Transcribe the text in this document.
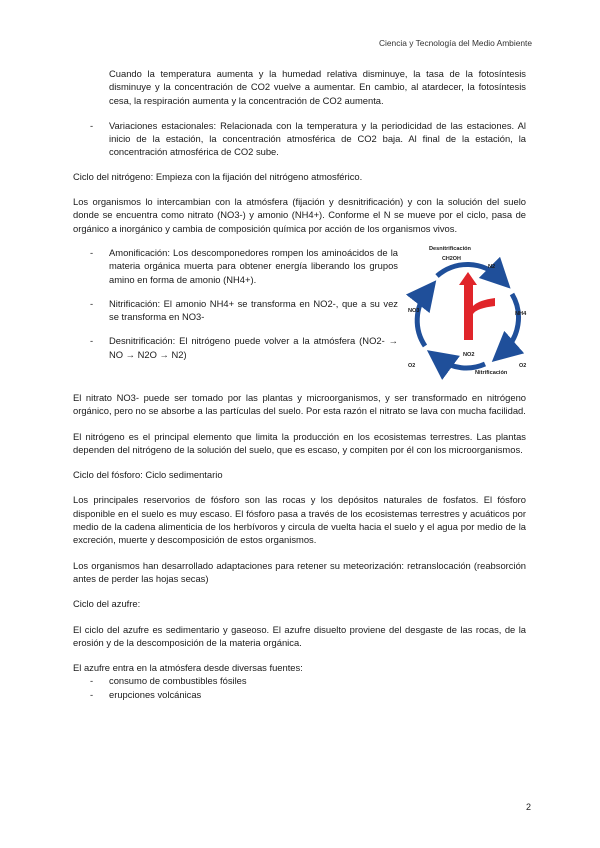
Ciencia y Tecnología del Medio Ambiente

Cuando la temperatura aumenta y la humedad relativa disminuye, la tasa de la fotosíntesis disminuye y la concentración de CO2 vuelve a aumentar. En cambio, al atardecer, la fotosíntesis cesa, la respiración aumenta y la concentración de CO2 aumenta.

- Variaciones estacionales: Relacionada con la temperatura y la periodicidad de las estaciones. Al inicio de la estación, la concentración atmosférica de CO2 baja. Al final de la estación, la concentración atmosférica de CO2 sube.

Ciclo del nitrógeno: Empieza con la fijación del nitrógeno atmosférico.

Los organismos lo intercambian con la atmósfera (fijación y desnitrificación) y con la solución del suelo donde se encuentra como nitrato (NO3-) y amonio (NH4+). Conforme el N se mueve por el ciclo, pasa de orgánico a inorgánico y cambia de composición química por acción de los organismos vivos.

- Amonificación: Los descomponedores rompen los aminoácidos de la materia orgánica muerta para obtener energía liberando los grupos amino en forma de amonio (NH4+).
- Nitrificación: El amonio NH4+ se transforma en NO2-, que a su vez se transforma en NO3-
- Desnitrificación: El nitrógeno puede volver a la atmósfera (NO2- → NO → N2O → N2)
Desnitrificación
CH2OH
N2
NO3	NH4
Amonificación
NO2
O2	O2
Nitrificación

El nitrato NO3- puede ser tomado por las plantas y microorganismos, y ser transformado en nitrógeno orgánico, pero no se absorbe a las partículas del suelo. Por esta razón el nitrato se lava con mucha facilidad.

El nitrógeno es el principal elemento que limita la producción en los ecosistemas terrestres. Las plantas dependen del nitrógeno de la solución del suelo, que es escaso, y compiten por él con los microorganismos.

Ciclo del fósforo: Ciclo sedimentario

Los principales reservorios de fósforo son las rocas y los depósitos naturales de fosfatos. El fósforo disponible en el suelo es muy escaso. El fósforo pasa a través de los ecosistemas terrestres y acuáticos por medio de la cadena alimenticia de los herbívoros y circula de vuelta hacia el suelo y el agua por medio de la excreción, muerte y descomposición de estos organismos.

Los organismos han desarrollado adaptaciones para retener su meteorización: retranslocación (reabsorción antes de perder las hojas secas)

Ciclo del azufre:

El ciclo del azufre es sedimentario y gaseoso. El azufre disuelto proviene del desgaste de las rocas, de la erosión y de la descomposición de la materia orgánica.

El azufre entra en la atmósfera desde diversas fuentes:

- consumo de combustibles fósiles
- erupciones volcánicas
2
